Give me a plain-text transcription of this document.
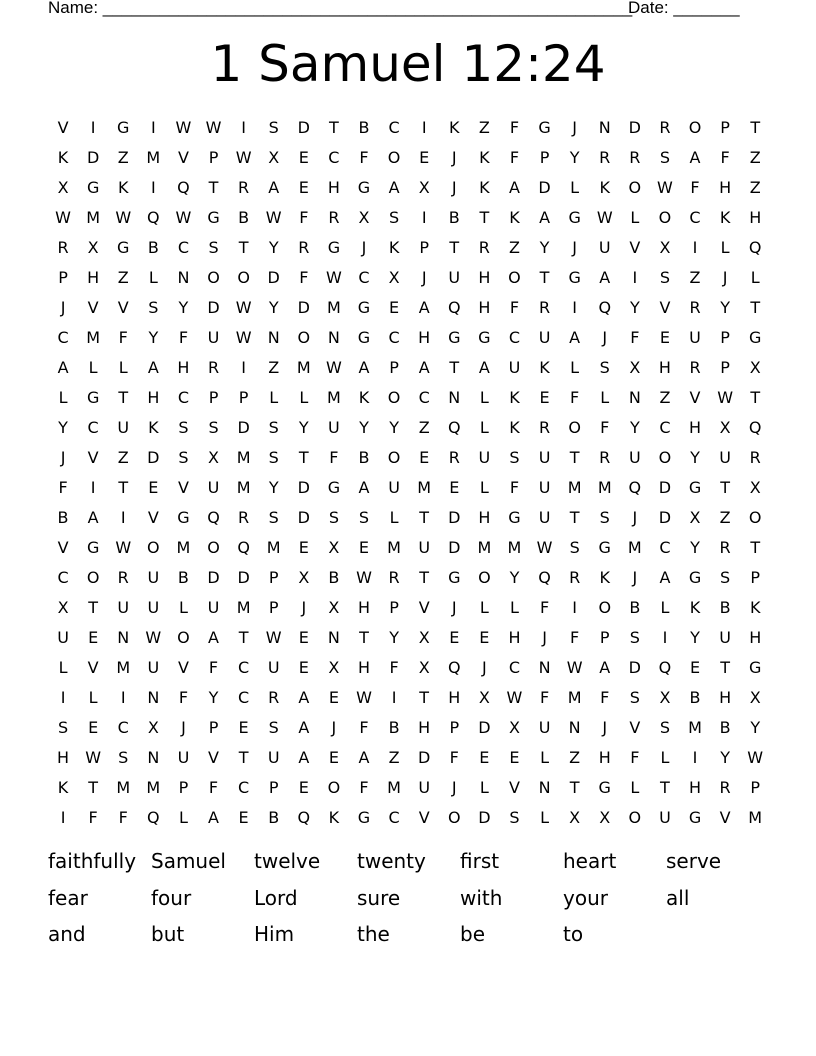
Name: ________________________________________________________
Date: _______
1 Samuel 12:24
V	I	G	I	W W	I	S	D	T	B	C	I	K	Z	F	G	J	N	D	R	O	P	T
K	D	Z	M	V	P	W	X	E	C	F	O	E	J	K	F	P	Y	R	R	S	A	F	Z
X	G	K	I	Q	T	R	A	E	H	G	A	X	J	K	A	D	L	K	O W	F	H	Z
W M W Q W G	B	W	F	R	X	S	I	B	T	K	A	G W	L	O	C	K	H
R	X	G	B	C	S	T	Y	R	G	J	K	P	T	R	Z	Y	J	U	V	X	I	L	Q
P	H	Z	L	N	O	O	D	F	W	C	X	J	U	H	O	T	G	A	I	S	Z	J	L
J	V	V	S	Y	D	W	Y	D	M	G	E	A	Q	H	F	R	I	Q	Y	V	R	Y	T
C	M	F	Y	F	U	W	N	O	N	G	C	H	G	G	C	U	A	J	F	E	U	P	G
A	L	L	A	H	R	I	Z	M W	A	P	A	T	A	U	K	L	S	X	H	R	P	X
L	G	T	H	C	P	P	L	L	M	K	O	C	N	L	K	E	F	L	N	Z	V	W	T
Y	C	U	K	S	S	D	S	Y	U	Y	Y	Z	Q	L	K	R	O	F	Y	C	H	X	Q
J	V	Z	D	S	X	M	S	T	F	B	O	E	R	U	S	U	T	R	U	O	Y	U	R
F	I	T	E	V	U	M	Y	D	G	A	U	M	E	L	F	U	M	M	Q	D	G	T	X
B	A	I	V	G	Q	R	S	D	S	S	L	T	D	H	G	U	T	S	J	D	X	Z	O
V	G W O	M	O	Q	M	E	X	E	M	U	D	M	M W	S	G	M	C	Y	R	T
C	O	R	U	B	D	D	P	X	B	W	R	T	G	O	Y	Q	R	K	J	A	G	S	P
X	T	U	U	L	U	M	P	J	X	H	P	V	J	L	L	F	I	O	B	L	K	B	K
U	E	N	W O	A	T	W	E	N	T	Y	X	E	E	H	J	F	P	S	I	Y	U	H
L	V	M	U	V	F	C	U	E	X	H	F	X	Q	J	C	N	W	A	D	Q	E	T	G
I	L	I	N	F	Y	C	R	A	E	W	I	T	H	X	W	F	M	F	S	X	B	H	X
S	E	C	X	J	P	E	S	A	J	F	B	H	P	D	X	U	N	J	V	S	M	B	Y
H	W	S	N	U	V	T	U	A	E	A	Z	D	F	E	E	L	Z	H	F	L	I	Y	W
K	T	M	M	P	F	C	P	E	O	F	M	U	J	L	V	N	T	G	L	T	H	R	P
I	F	F	Q	L	A	E	B	Q	K	G	C	V	O	D	S	L	X	X	O	U	G	V	M
faithfully Samuel	twelve	twenty	first	heart	serve
fear	four	Lord	sure	with	your	all
and	but	Him	the	be	to
